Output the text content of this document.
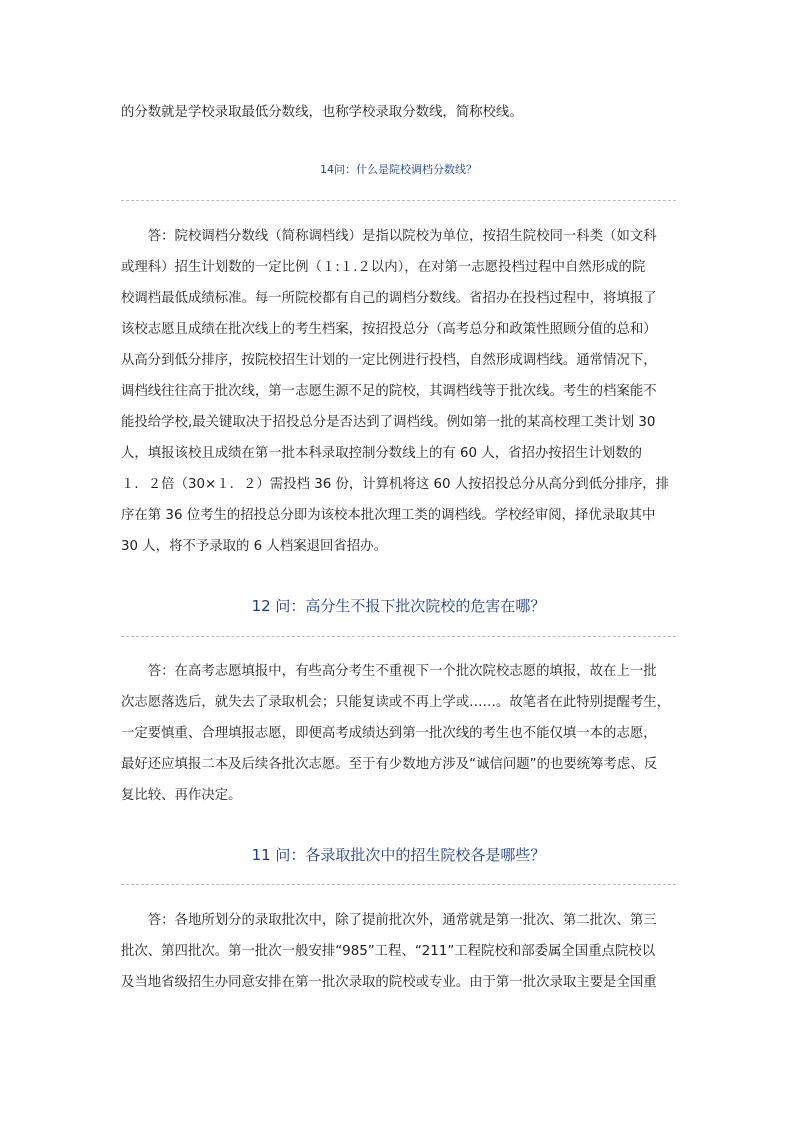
的分数就是学校录取最低分数线，也称学校录取分数线，简称校线。
14问：什么是院校调档分数线？
　　答：院校调档分数线（简称调档线）是指以院校为单位，按招生院校同一科类（如文科
或理科）招生计划数的一定比例（１:１.２以内），在对第一志愿投档过程中自然形成的院
校调档最低成绩标准。每一所院校都有自己的调档分数线。省招办在投档过程中，将填报了
该校志愿且成绩在批次线上的考生档案，按招投总分（高考总分和政策性照顾分值的总和）
从高分到低分排序，按院校招生计划的一定比例进行投档，自然形成调档线。通常情况下，
调档线往往高于批次线，第一志愿生源不足的院校，其调档线等于批次线。考生的档案能不
能投给学校,最关键取决于招投总分是否达到了调档线。例如第一批的某高校理工类计划 30
人，填报该校且成绩在第一批本科录取控制分数线上的有 60 人，省招办按招生计划数的
１．２倍（30×１．２）需投档 36 份，计算机将这 60 人按招投总分从高分到低分排序，排
序在第 36 位考生的招投总分即为该校本批次理工类的调档线。学校经审阅，择优录取其中
30 人，将不予录取的 6 人档案退回省招办。
12 问：高分生不报下批次院校的危害在哪？
　　答：在高考志愿填报中，有些高分考生不重视下一个批次院校志愿的填报，故在上一批
次志愿落选后，就失去了录取机会；只能复读或不再上学或……。故笔者在此特别提醒考生，
一定要慎重、合理填报志愿，即便高考成绩达到第一批次线的考生也不能仅填一本的志愿，
最好还应填报二本及后续各批次志愿。至于有少数地方涉及“诚信问题”的也要统筹考虑、反
复比较、再作决定。
11 问：各录取批次中的招生院校各是哪些？
　　答：各地所划分的录取批次中，除了提前批次外，通常就是第一批次、第二批次、第三
批次、第四批次。第一批次一般安排“985”工程、“211”工程院校和部委属全国重点院校以
及当地省级招生办同意安排在第一批次录取的院校或专业。由于第一批次录取主要是全国重
